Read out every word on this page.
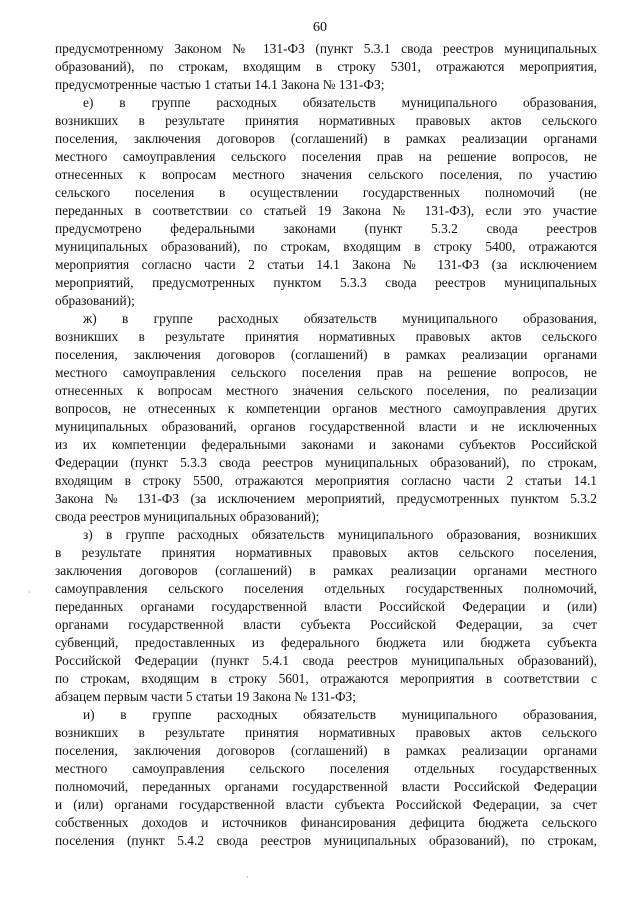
60
предусмотренному Законом № 131-ФЗ (пункт 5.3.1 свода реестров муниципальных
образований), по строкам, входящим в строку 5301, отражаются мероприятия,
предусмотренные частью 1 статьи 14.1 Закона № 131-ФЗ;
е) в группе расходных обязательств муниципального образования,
возникших в результате принятия нормативных правовых актов сельского
поселения, заключения договоров (соглашений) в рамках реализации органами
местного самоуправления сельского поселения прав на решение вопросов, не
отнесенных к вопросам местного значения сельского поселения, по участию
сельского поселения в осуществлении государственных полномочий (не
переданных в соответствии со статьей 19 Закона № 131-ФЗ), если это участие
предусмотрено федеральными законами (пункт 5.3.2 свода реестров
муниципальных образований), по строкам, входящим в строку 5400, отражаются
мероприятия согласно части 2 статьи 14.1 Закона № 131-ФЗ (за исключением
мероприятий, предусмотренных пунктом 5.3.3 свода реестров муниципальных
образований);
ж) в группе расходных обязательств муниципального образования,
возникших в результате принятия нормативных правовых актов сельского
поселения, заключения договоров (соглашений) в рамках реализации органами
местного самоуправления сельского поселения прав на решение вопросов, не
отнесенных к вопросам местного значения сельского поселения, по реализации
вопросов, не отнесенных к компетенции органов местного самоуправления других
муниципальных образований, органов государственной власти и не исключенных
из их компетенции федеральными законами и законами субъектов Российской
Федерации (пункт 5.3.3 свода реестров муниципальных образований), по строкам,
входящим в строку 5500, отражаются мероприятия согласно части 2 статьи 14.1
Закона № 131-ФЗ (за исключением мероприятий, предусмотренных пунктом 5.3.2
свода реестров муниципальных образований);
з) в группе расходных обязательств муниципального образования, возникших
в результате принятия нормативных правовых актов сельского поселения,
заключения договоров (соглашений) в рамках реализации органами местного
самоуправления сельского поселения отдельных государственных полномочий,
переданных органами государственной власти Российской Федерации и (или)
органами государственной власти субъекта Российской Федерации, за счет
субвенций, предоставленных из федерального бюджета или бюджета субъекта
Российской Федерации (пункт 5.4.1 свода реестров муниципальных образований),
по строкам, входящим в строку 5601, отражаются мероприятия в соответствии с
абзацем первым части 5 статьи 19 Закона № 131-ФЗ;
и) в группе расходных обязательств муниципального образования,
возникших в результате принятия нормативных правовых актов сельского
поселения, заключения договоров (соглашений) в рамках реализации органами
местного самоуправления сельского поселения отдельных государственных
полномочий, переданных органами государственной власти Российской Федерации
и (или) органами государственной власти субъекта Российской Федерации, за счет
собственных доходов и источников финансирования дефицита бюджета сельского
поселения (пункт 5.4.2 свода реестров муниципальных образований), по строкам,
·
·
